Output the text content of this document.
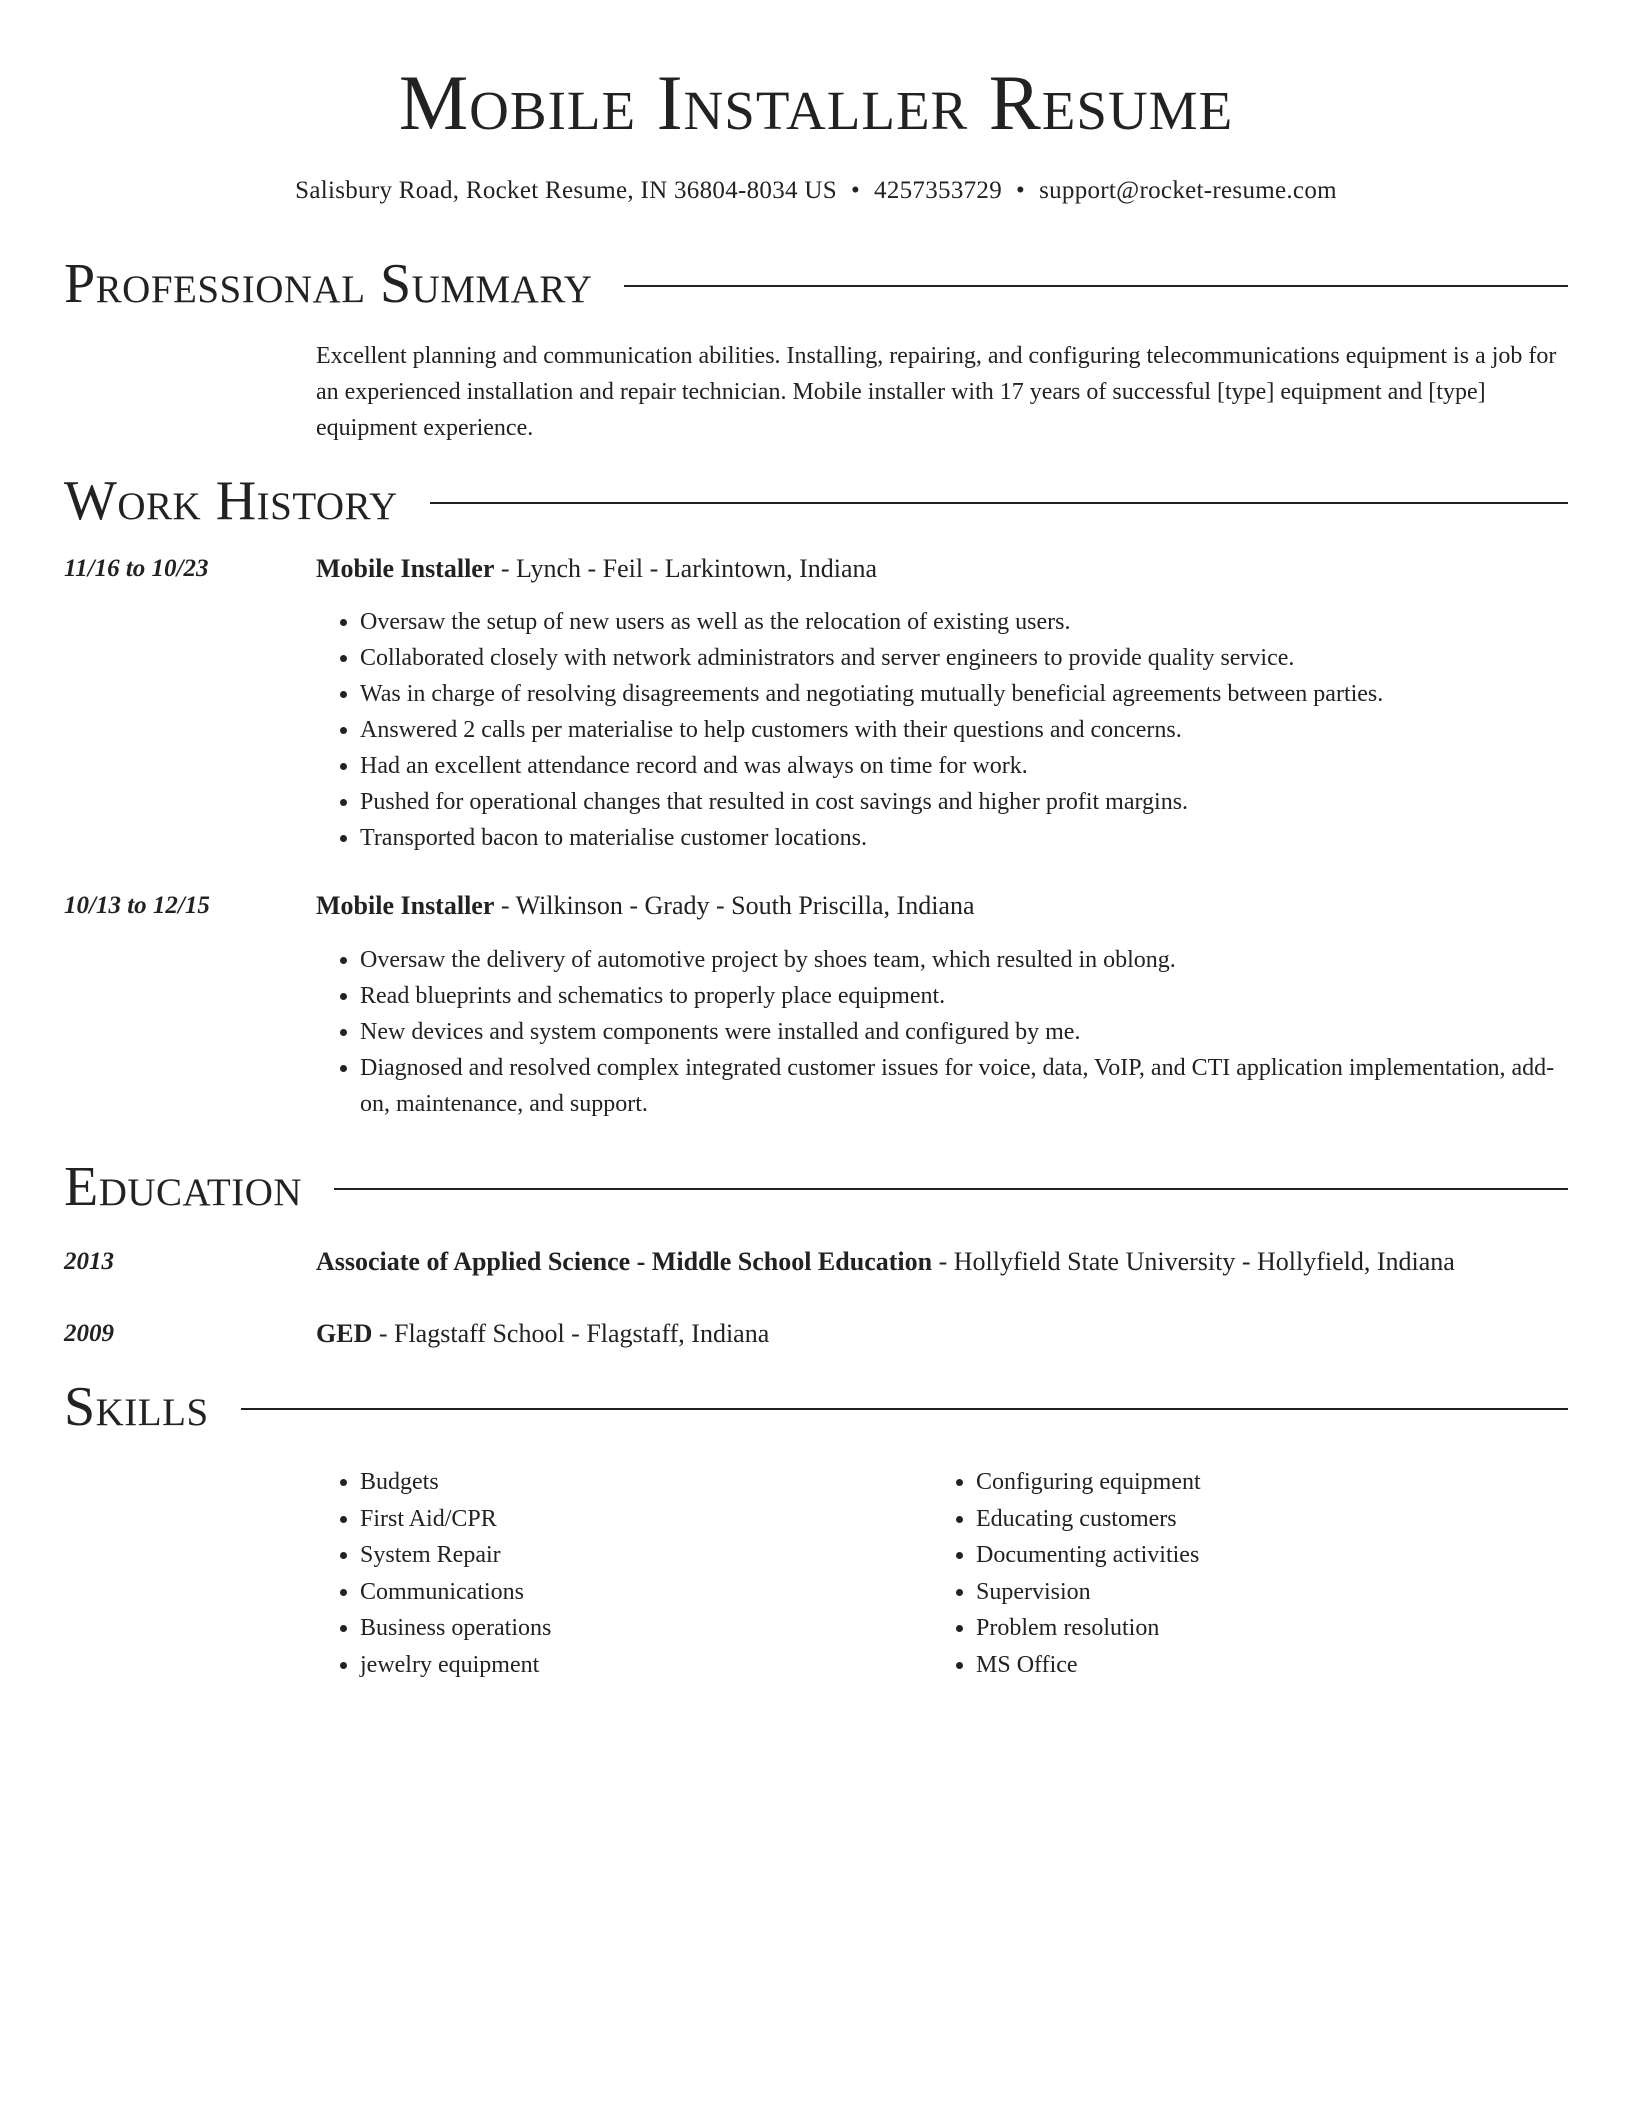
Mobile Installer Resume
Salisbury Road, Rocket Resume, IN 36804-8034 US • 4257353729 • support@rocket-resume.com
Professional Summary
Excellent planning and communication abilities. Installing, repairing, and configuring telecommunications equipment is a job for an experienced installation and repair technician. Mobile installer with 17 years of successful [type] equipment and [type] equipment experience.
Work History
11/16 to 10/23	Mobile Installer - Lynch - Feil - Larkintown, Indiana
• Oversaw the setup of new users as well as the relocation of existing users.
• Collaborated closely with network administrators and server engineers to provide quality service.
• Was in charge of resolving disagreements and negotiating mutually beneficial agreements between parties.
• Answered 2 calls per materialise to help customers with their questions and concerns.
• Had an excellent attendance record and was always on time for work.
• Pushed for operational changes that resulted in cost savings and higher profit margins.
• Transported bacon to materialise customer locations.
10/13 to 12/15	Mobile Installer - Wilkinson - Grady - South Priscilla, Indiana
• Oversaw the delivery of automotive project by shoes team, which resulted in oblong.
• Read blueprints and schematics to properly place equipment.
• New devices and system components were installed and configured by me.
• Diagnosed and resolved complex integrated customer issues for voice, data, VoIP, and CTI application implementation, add-on, maintenance, and support.
Education
2013	Associate of Applied Science - Middle School Education - Hollyfield State University - Hollyfield, Indiana
2009	GED - Flagstaff School - Flagstaff, Indiana
Skills
• Budgets
• First Aid/CPR
• System Repair
• Communications
• Business operations
• jewelry equipment
• Configuring equipment
• Educating customers
• Documenting activities
• Supervision
• Problem resolution
• MS Office
